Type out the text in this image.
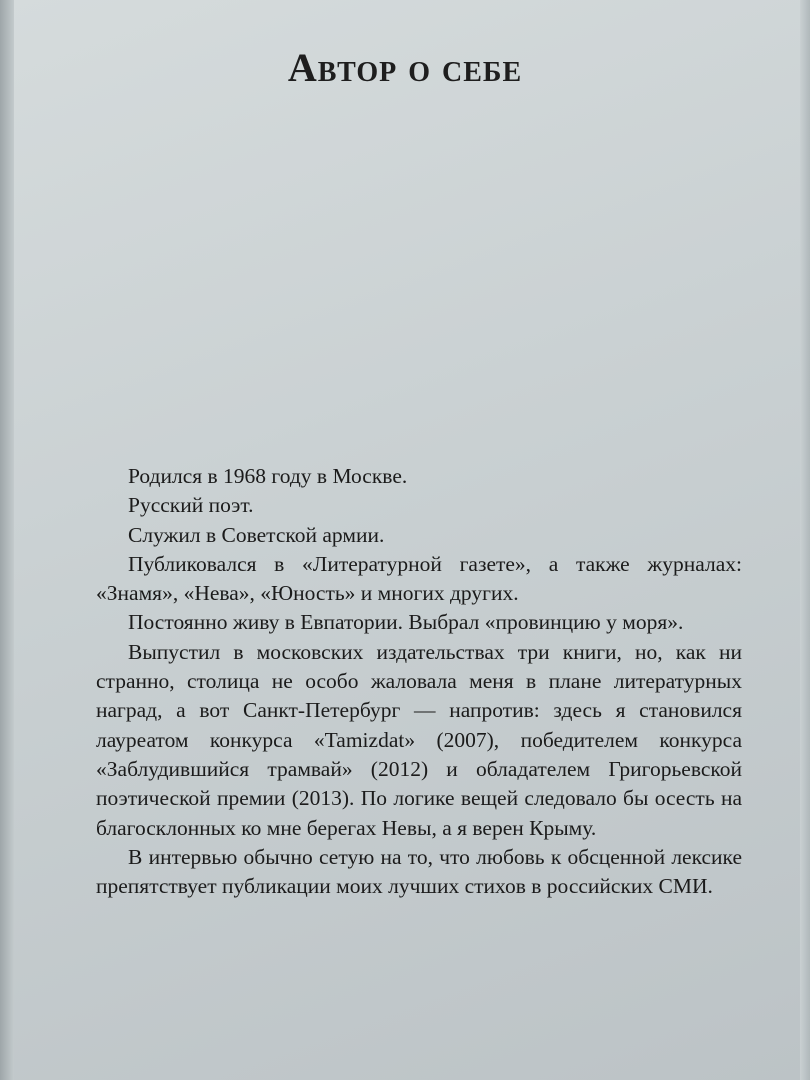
Автор о себе

Родился в 1968 году в Москве.

Русский поэт.

Служил в Советской армии.

Публиковался в «Литературной газете», а также журналах: «Знамя», «Нева», «Юность» и многих других.

Постоянно живу в Евпатории. Выбрал «провинцию у моря».

Выпустил в московских издательствах три книги, но, как ни странно, столица не особо жаловала меня в плане литературных наград, а вот Санкт-Петербург — напротив: здесь я становился лауреатом конкурса «Tamizdat» (2007), победителем конкурса «Заблудившийся трамвай» (2012) и обладателем Григорьевской поэтической премии (2013). По логике вещей следовало бы осесть на благосклонных ко мне берегах Невы, а я верен Крыму.

В интервью обычно сетую на то, что любовь к обсценной лексике препятствует публикации моих лучших стихов в российских СМИ.
